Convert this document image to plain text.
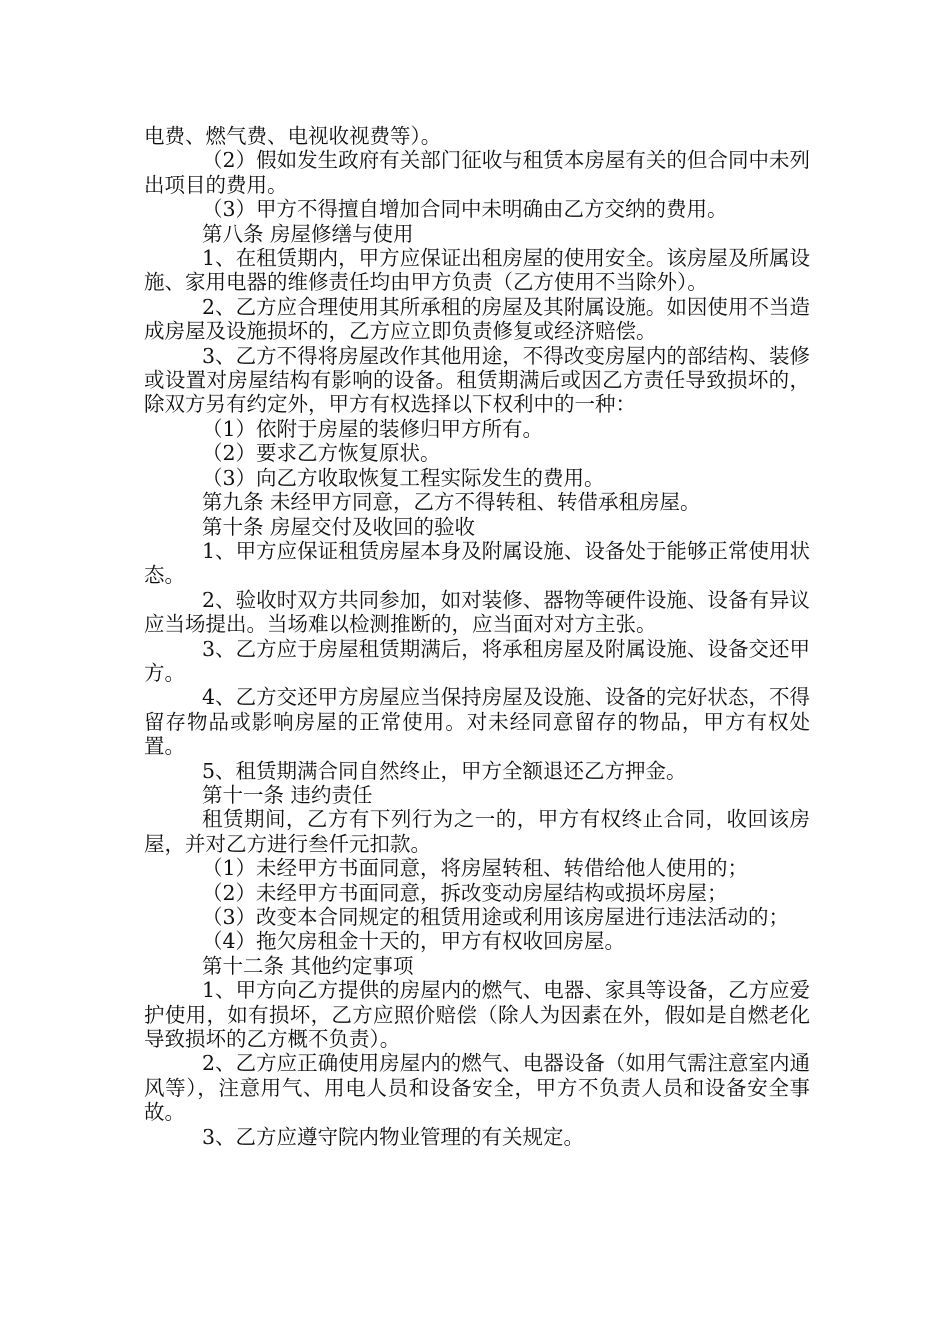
电费、燃气费、电视收视费等）。

（2）假如发生政府有关部门征收与租赁本房屋有关的但合同中未列出项目的费用。

（3）甲方不得擅自增加合同中未明确由乙方交纳的费用。

第八条 房屋修缮与使用

1、在租赁期内，甲方应保证出租房屋的使用安全。该房屋及所属设施、家用电器的维修责任均由甲方负责（乙方使用不当除外）。

2、乙方应合理使用其所承租的房屋及其附属设施。如因使用不当造成房屋及设施损坏的，乙方应立即负责修复或经济赔偿。

3、乙方不得将房屋改作其他用途，不得改变房屋内的部结构、装修或设置对房屋结构有影响的设备。租赁期满后或因乙方责任导致损坏的，除双方另有约定外，甲方有权选择以下权利中的一种：

（1）依附于房屋的装修归甲方所有。

（2）要求乙方恢复原状。

（3）向乙方收取恢复工程实际发生的费用。

第九条 未经甲方同意，乙方不得转租、转借承租房屋。

第十条 房屋交付及收回的验收

1、甲方应保证租赁房屋本身及附属设施、设备处于能够正常使用状态。

2、验收时双方共同参加，如对装修、器物等硬件设施、设备有异议应当场提出。当场难以检测推断的，应当面对对方主张。

3、乙方应于房屋租赁期满后，将承租房屋及附属设施、设备交还甲方。

4、乙方交还甲方房屋应当保持房屋及设施、设备的完好状态，不得留存物品或影响房屋的正常使用。对未经同意留存的物品，甲方有权处置。

5、租赁期满合同自然终止，甲方全额退还乙方押金。

第十一条 违约责任

租赁期间，乙方有下列行为之一的，甲方有权终止合同，收回该房屋，并对乙方进行叁仟元扣款。

（1）未经甲方书面同意，将房屋转租、转借给他人使用的；

（2）未经甲方书面同意，拆改变动房屋结构或损坏房屋；

（3）改变本合同规定的租赁用途或利用该房屋进行违法活动的；

（4）拖欠房租金十天的，甲方有权收回房屋。

第十二条 其他约定事项

1、甲方向乙方提供的房屋内的燃气、电器、家具等设备，乙方应爱护使用，如有损坏，乙方应照价赔偿（除人为因素在外，假如是自燃老化导致损坏的乙方概不负责）。

2、乙方应正确使用房屋内的燃气、电器设备（如用气需注意室内通风等），注意用气、用电人员和设备安全，甲方不负责人员和设备安全事故。

3、乙方应遵守院内物业管理的有关规定。
